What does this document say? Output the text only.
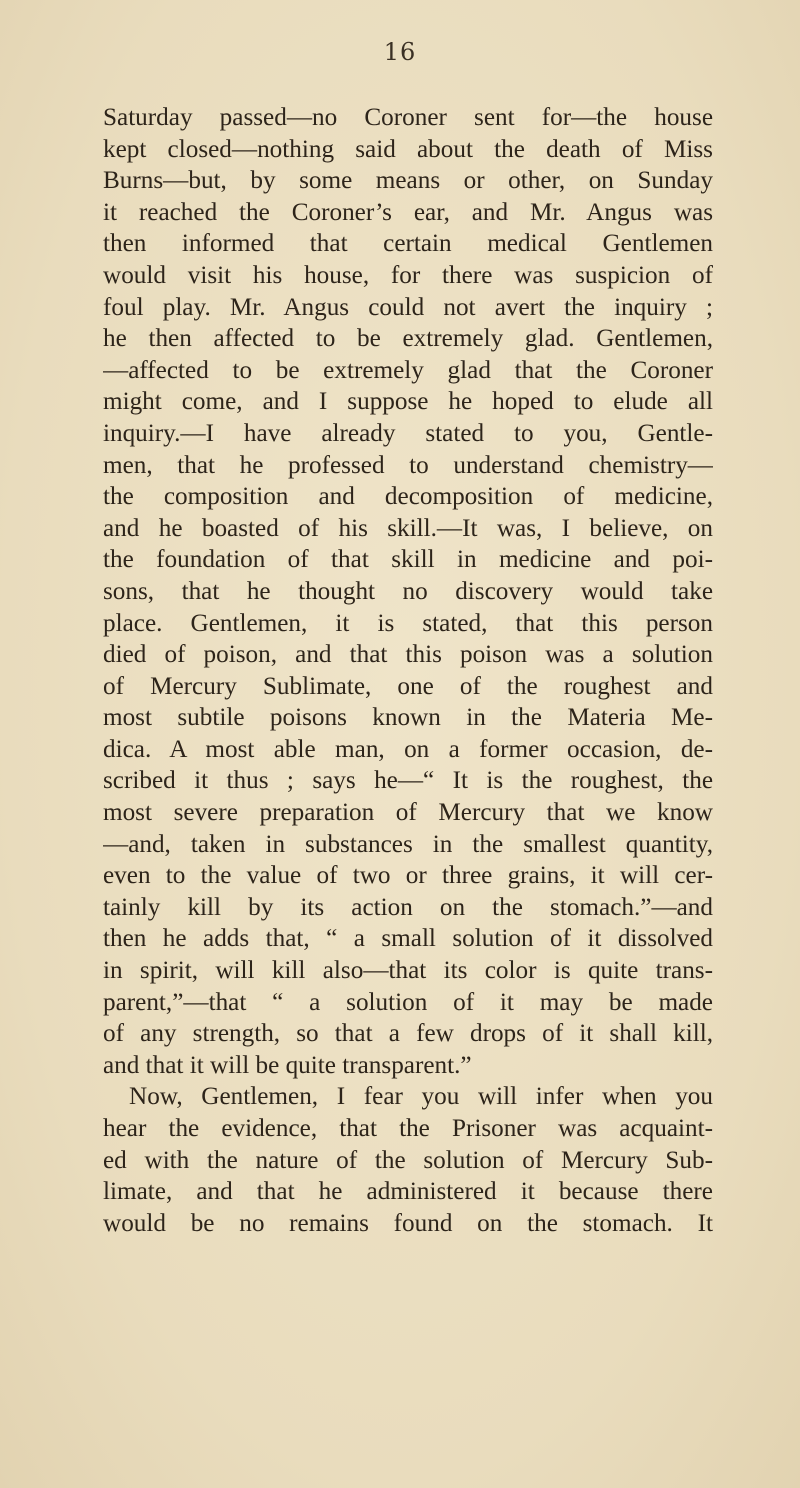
16
Saturday passed—no Coroner sent for—the house
kept closed—nothing said about the death of Miss
Burns—but, by some means or other, on Sunday
it reached the Coroner’s ear, and Mr. Angus was
then informed that certain medical Gentlemen
would visit his house, for there was suspicion of
foul play. Mr. Angus could not avert the inquiry ;
he then affected to be extremely glad. Gentlemen,
—affected to be extremely glad that the Coroner
might come, and I suppose he hoped to elude all
inquiry.—I have already stated to you, Gentle-
men, that he professed to understand chemistry—
the composition and decomposition of medicine,
and he boasted of his skill.—It was, I believe, on
the foundation of that skill in medicine and poi-
sons, that he thought no discovery would take
place. Gentlemen, it is stated, that this person
died of poison, and that this poison was a solution
of Mercury Sublimate, one of the roughest and
most subtile poisons known in the Materia Me-
dica. A most able man, on a former occasion, de-
scribed it thus ; says he—“ It is the roughest, the
most severe preparation of Mercury that we know
—and, taken in substances in the smallest quantity,
even to the value of two or three grains, it will cer-
tainly kill by its action on the stomach.”—and
then he adds that, “ a small solution of it dissolved
in spirit, will kill also—that its color is quite trans-
parent,”—that “ a solution of it may be made
of any strength, so that a few drops of it shall kill,
and that it will be quite transparent.”
Now, Gentlemen, I fear you will infer when you
hear the evidence, that the Prisoner was acquaint-
ed with the nature of the solution of Mercury Sub-
limate, and that he administered it because there
would be no remains found on the stomach. It
